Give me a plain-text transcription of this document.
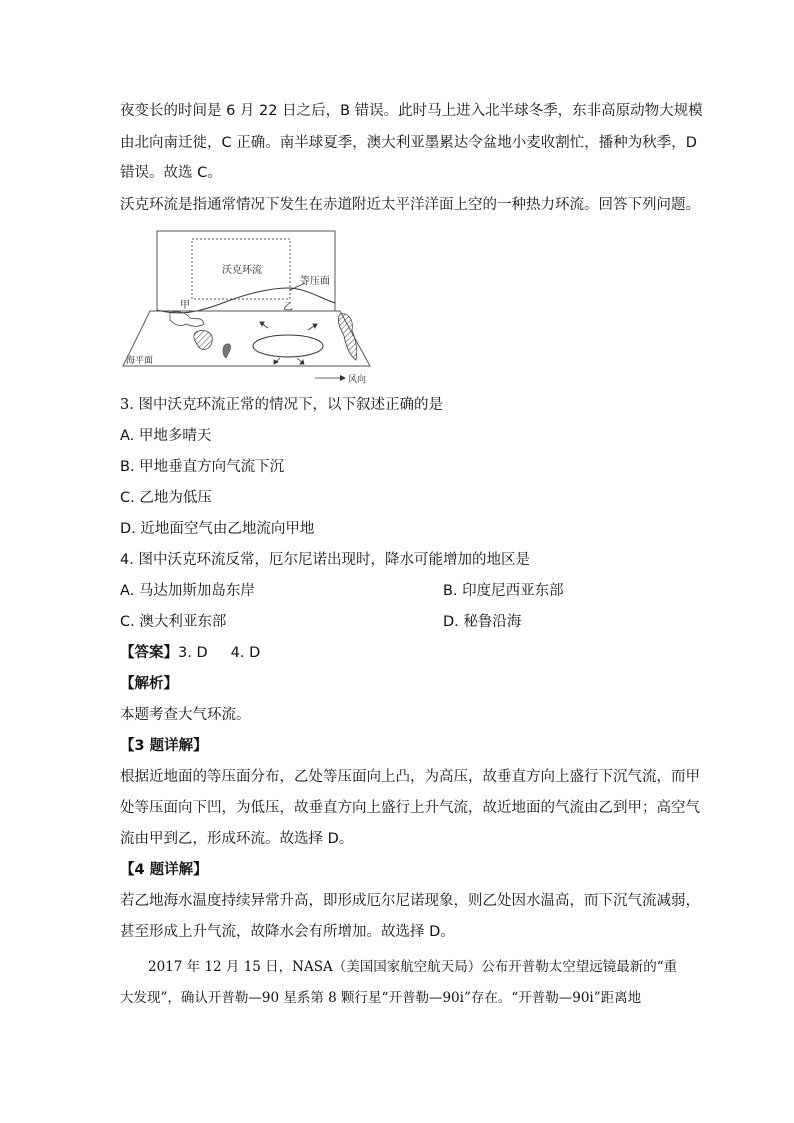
夜变长的时间是 6 月 22 日之后，B 错误。此时马上进入北半球冬季，东非高原动物大规模
由北向南迁徙，C 正确。南半球夏季，澳大利亚墨累达令盆地小麦收割忙，播种为秋季，D
错误。故选 C。
沃克环流是指通常情况下发生在赤道附近太平洋洋面上空的一种热力环流。回答下列问题。
沃克环流
等压面
甲	乙
海平面
风向
3. 图中沃克环流正常的情况下，以下叙述正确的是
A. 甲地多晴天
B. 甲地垂直方向气流下沉
C. 乙地为低压
D. 近地面空气由乙地流向甲地
4. 图中沃克环流反常，厄尔尼诺出现时，降水可能增加的地区是
A. 马达加斯加岛东岸	B. 印度尼西亚东部
C. 澳大利亚东部	D. 秘鲁沿海
【答案】3. D     4. D
【解析】
本题考查大气环流。
【3 题详解】
根据近地面的等压面分布，乙处等压面向上凸，为高压，故垂直方向上盛行下沉气流，而甲
处等压面向下凹，为低压，故垂直方向上盛行上升气流，故近地面的气流由乙到甲；高空气
流由甲到乙，形成环流。故选择 D。
【4 题详解】
若乙地海水温度持续异常升高，即形成厄尔尼诺现象，则乙处因水温高，而下沉气流减弱，
甚至形成上升气流，故降水会有所增加。故选择 D。
2017 年 12 月 15 日，NASA（美国国家航空航天局）公布开普勒太空望远镜最新的“重
大发现”，确认开普勒—90 星系第 8 颗行星“开普勒—90i”存在。“开普勒—90i”距离地
